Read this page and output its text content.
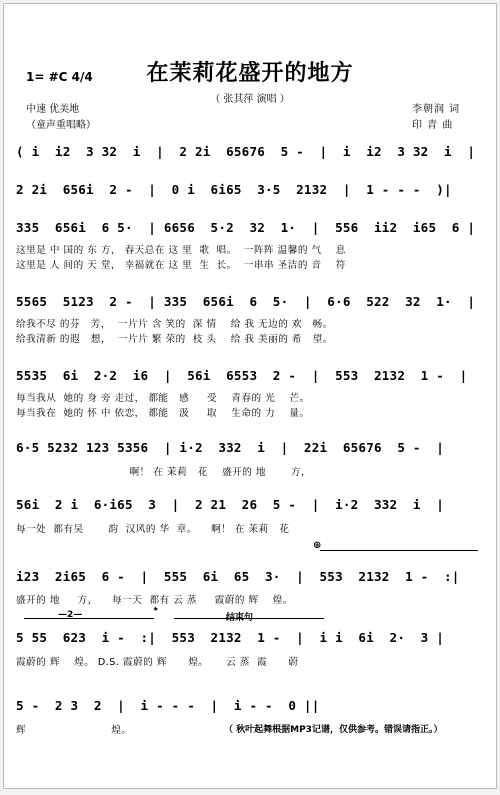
在茉莉花盛开的地方
（ 张其萍 演唱 ）
1= #C 4/4
中速 优美地
（童声重唱略）
李朝润 词
印 青 曲
( i  i2  3 32  i  |  2 2i  65676  5 -  |  i  i2  3 32  i  |
2 2i  656i  2 -  |  0 i  6i65  3·5  2132  |  1 - - -  )|
335  656i  6 5·  | 6656  5·2  32  1·  |  556  ii2  i65  6 |
这里是 中 国的 东 方， 春天总在 这 里  歌  唱。  一阵阵 温馨的 气    息
这里是 人 间的 天 堂， 幸福就在 这 里  生  长。  一串串 圣洁的 音    符
5565  5123  2 -  | 335  656i  6  5·  |  6·6  522  32  1·  |
给我不尽 的芬   芳，  一片片 含 笑的  深 情    给 我 无边的 欢   畅。
给我清新 的遐   想，  一片片 繁 荣的  枝 头    给 我 美丽的 希   望。
5535  6i  2·2  i6  |  56i  6553  2 -  |  553  2132  1 -  |
每当我从  她的 身 旁 走过， 都能   感     受    青春的 光    芒。
每当我在  她的 怀 中 依恋， 都能   汲     取    生命的 力    量。
6·5 5232 123 5356  | i·2  332  i  |  22i  65676  5 -  |
啊！ 在 茉莉   花    盛开的 地       方，
56i  2 i  6·i65  3  |  2 21  26  5 -  |  i·2  332  i  |
每一处  都有吴       韵  汉风的 华  章。    啊！ 在 茉莉   花
⊕
i23  2i65  6 -  |  555  6i  65  3·  |  553  2132  1 -  :|
盛开的 地     方，    每一天  都有 云 蒸     霞蔚的 辉    煌。
—2—	𝄌
结束句
5 55  623  i -  :|  553  2132  1 -  |  i i  6i  2·  3 |
霞蔚的 辉    煌。 D.S. 霞蔚的 辉      煌。     云 蒸  霞      蔚
5 -  2 3  2  |  i - - -  |  i - -  0 ||
辉                        煌。	（ 秋叶起舞根据MP3记谱，仅供参考。错误请指正。）
